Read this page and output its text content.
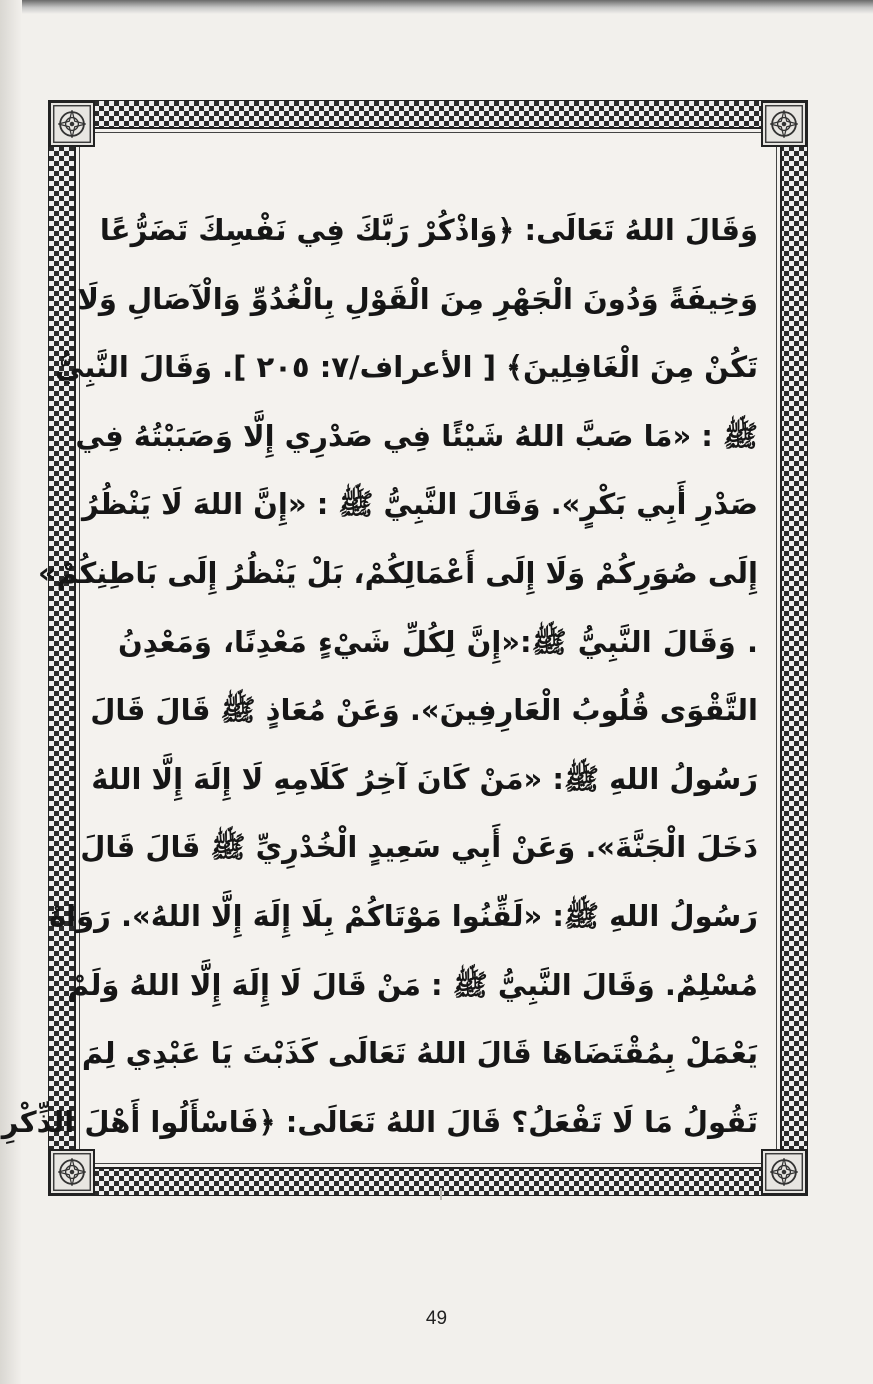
وَقَالَ اللهُ تَعَالَى: ﴿وَاذْكُرْ رَبَّكَ فِي نَفْسِكَ تَضَرُّعًا
وَخِيفَةً وَدُونَ الْجَهْرِ مِنَ الْقَوْلِ بِالْغُدُوِّ وَالْآصَالِ وَلَا
تَكُنْ مِنَ الْغَافِلِينَ﴾ [ الأعراف/٧: ٢٠٥ ]. وَقَالَ النَّبِيُّ
ﷺ : «مَا صَبَّ اللهُ شَيْئًا فِي صَدْرِي إِلَّا وَصَبَبْتُهُ فِي
صَدْرِ أَبِي بَكْرٍ». وَقَالَ النَّبِيُّ ﷺ : «إِنَّ اللهَ لَا يَنْظُرُ
إِلَى صُوَرِكُمْ وَلَا إِلَى أَعْمَالِكُمْ، بَلْ يَنْظُرُ إِلَى بَاطِنِكُمْ»
. وَقَالَ النَّبِيُّ ﷺ:«إِنَّ لِكُلِّ شَيْءٍ مَعْدِنًا، وَمَعْدِنُ
التَّقْوَى قُلُوبُ الْعَارِفِينَ». وَعَنْ مُعَاذٍ ﷺ قَالَ قَالَ
رَسُولُ اللهِ ﷺ: «مَنْ كَانَ آخِرُ كَلَامِهِ لَا إِلَهَ إِلَّا اللهُ
دَخَلَ الْجَنَّةَ». وَعَنْ أَبِي سَعِيدٍ الْخُدْرِيِّ ﷺ قَالَ قَالَ
رَسُولُ اللهِ ﷺ: «لَقِّنُوا مَوْتَاكُمْ بِلَا إِلَهَ إِلَّا اللهُ». رَوَاهُ
مُسْلِمٌ. وَقَالَ النَّبِيُّ ﷺ : مَنْ قَالَ لَا إِلَهَ إِلَّا اللهُ وَلَمْ
يَعْمَلْ بِمُقْتَضَاهَا قَالَ اللهُ تَعَالَى كَذَبْتَ يَا عَبْدِي لِمَ
تَقُولُ مَا لَا تَفْعَلُ؟ قَالَ اللهُ تَعَالَى: ﴿فَاسْأَلُوا أَهْلَ الذِّكْرِ
49
